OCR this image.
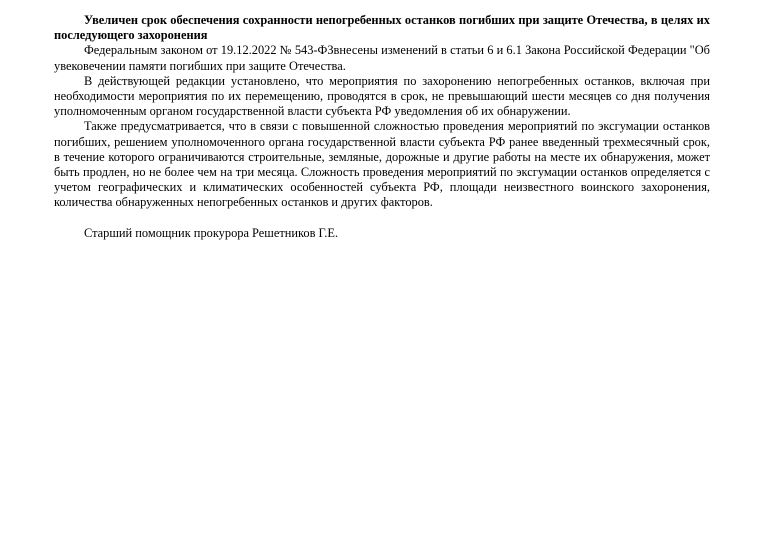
Увеличен срок обеспечения сохранности непогребенных останков погибших при защите Отечества, в целях их последующего захоронения

Федеральным законом от 19.12.2022 № 543-ФЗвнесены изменений в статьи 6 и 6.1 Закона Российской Федерации "Об увековечении памяти погибших при защите Отечества.

В действующей редакции установлено, что мероприятия по захоронению непогребенных останков, включая при необходимости мероприятия по их перемещению, проводятся в срок, не превышающий шести месяцев со дня получения уполномоченным органом государственной власти субъекта РФ уведомления об их обнаружении.

Также предусматривается, что в связи с повышенной сложностью проведения мероприятий по эксгумации останков погибших, решением уполномоченного органа государственной власти субъекта РФ ранее введенный трехмесячный срок, в течение которого ограничиваются строительные, земляные, дорожные и другие работы на месте их обнаружения, может быть продлен, но не более чем на три месяца. Сложность проведения мероприятий по эксгумации останков определяется с учетом географических и климатических особенностей субъекта РФ, площади неизвестного воинского захоронения, количества обнаруженных непогребенных останков и других факторов.

Старший помощник прокурора Решетников Г.Е.
